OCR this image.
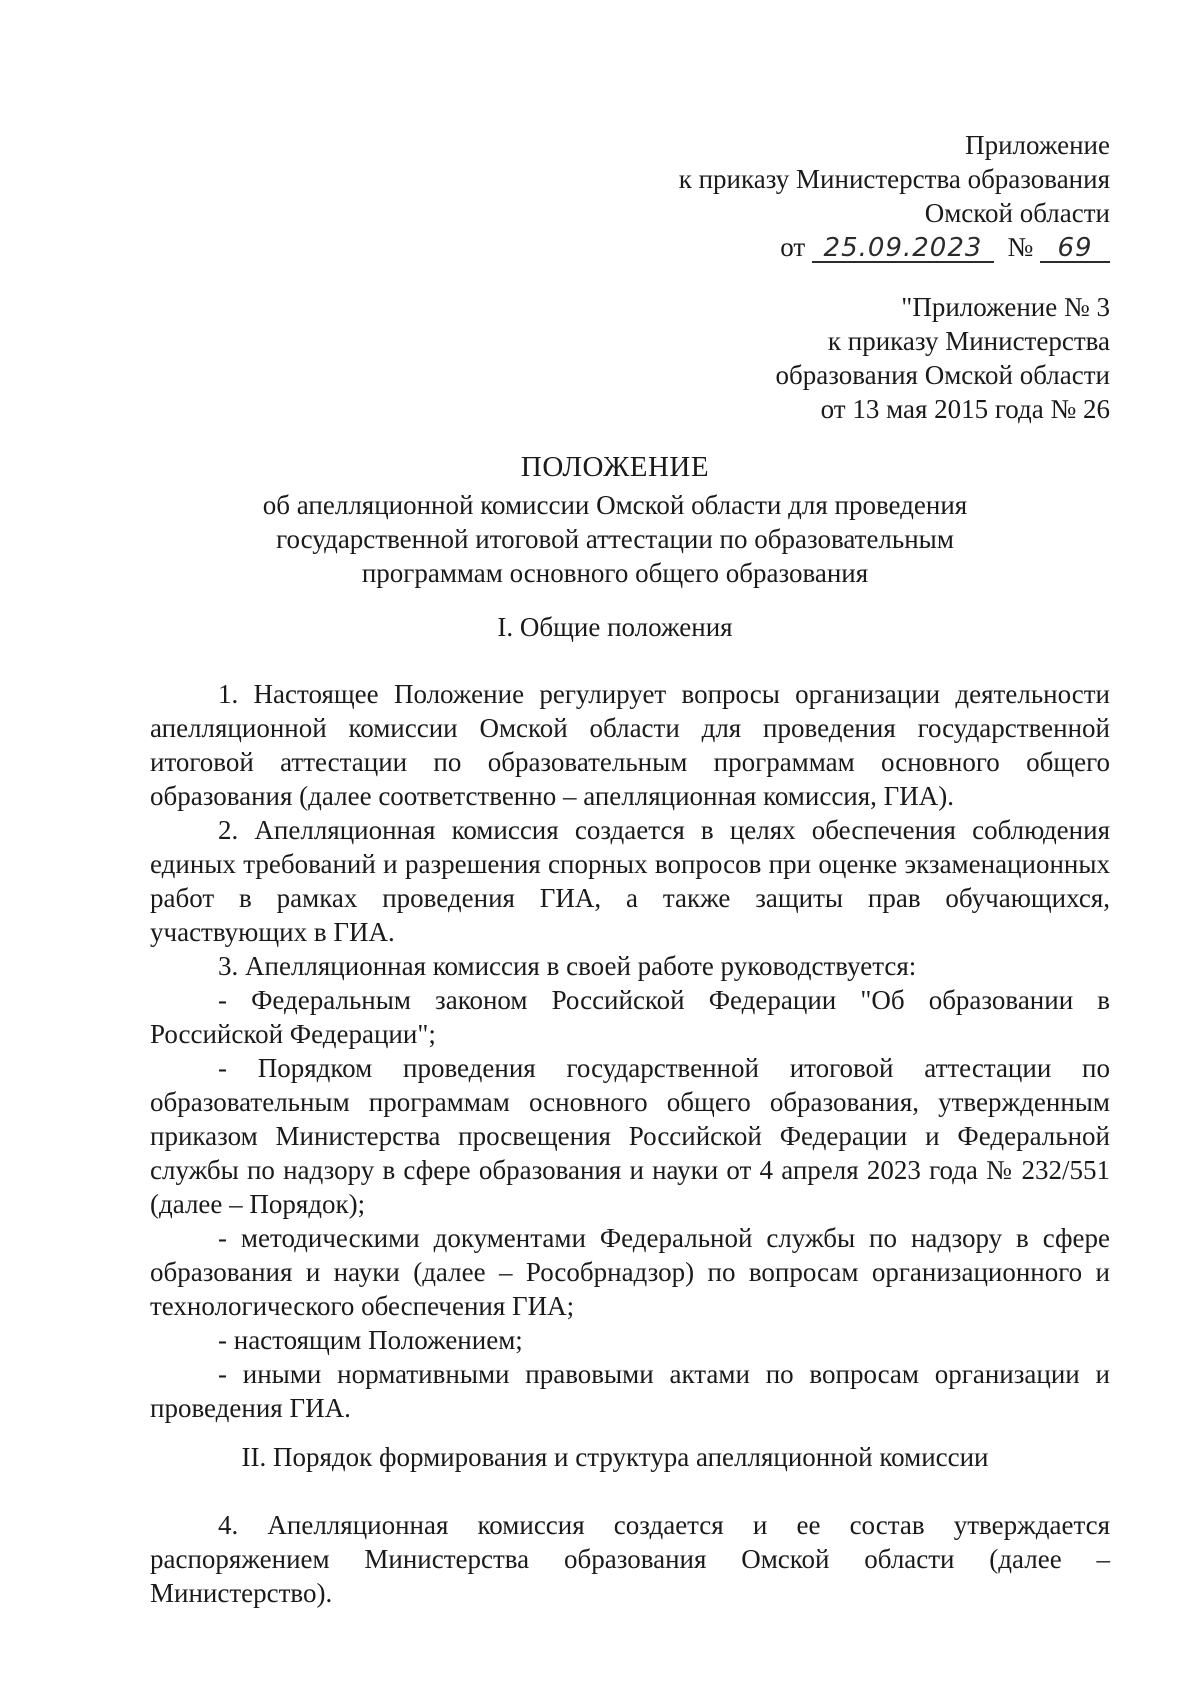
Приложение
к приказу Министерства образования
Омской области
от 25.09.2023 № 69
"Приложение № 3
к приказу Министерства
образования Омской области
от 13 мая 2015 года № 26
ПОЛОЖЕНИЕ
об апелляционной комиссии Омской области для проведения
государственной итоговой аттестации по образовательным
программам основного общего образования
I. Общие положения

1. Настоящее Положение регулирует вопросы организации деятельности апелляционной комиссии Омской области для проведения государственной итоговой аттестации по образовательным программам основного общего образования (далее соответственно – апелляционная комиссия, ГИА).

2. Апелляционная комиссия создается в целях обеспечения соблюдения единых требований и разрешения спорных вопросов при оценке экзаменационных работ в рамках проведения ГИА, а также защиты прав обучающихся, участвующих в ГИА.

3. Апелляционная комиссия в своей работе руководствуется:

- Федеральным законом Российской Федерации "Об образовании в Российской Федерации";

- Порядком проведения государственной итоговой аттестации по образовательным программам основного общего образования, утвержденным приказом Министерства просвещения Российской Федерации и Федеральной службы по надзору в сфере образования и науки от 4 апреля 2023 года № 232/551 (далее – Порядок);

- методическими документами Федеральной службы по надзору в сфере образования и науки (далее – Рособрнадзор) по вопросам организационного и технологического обеспечения ГИА;

- настоящим Положением;

- иными нормативными правовыми актами по вопросам организации и проведения ГИА.

II. Порядок формирования и структура апелляционной комиссии

4. Апелляционная комиссия создается и ее состав утверждается распоряжением Министерства образования Омской области (далее – Министерство).
